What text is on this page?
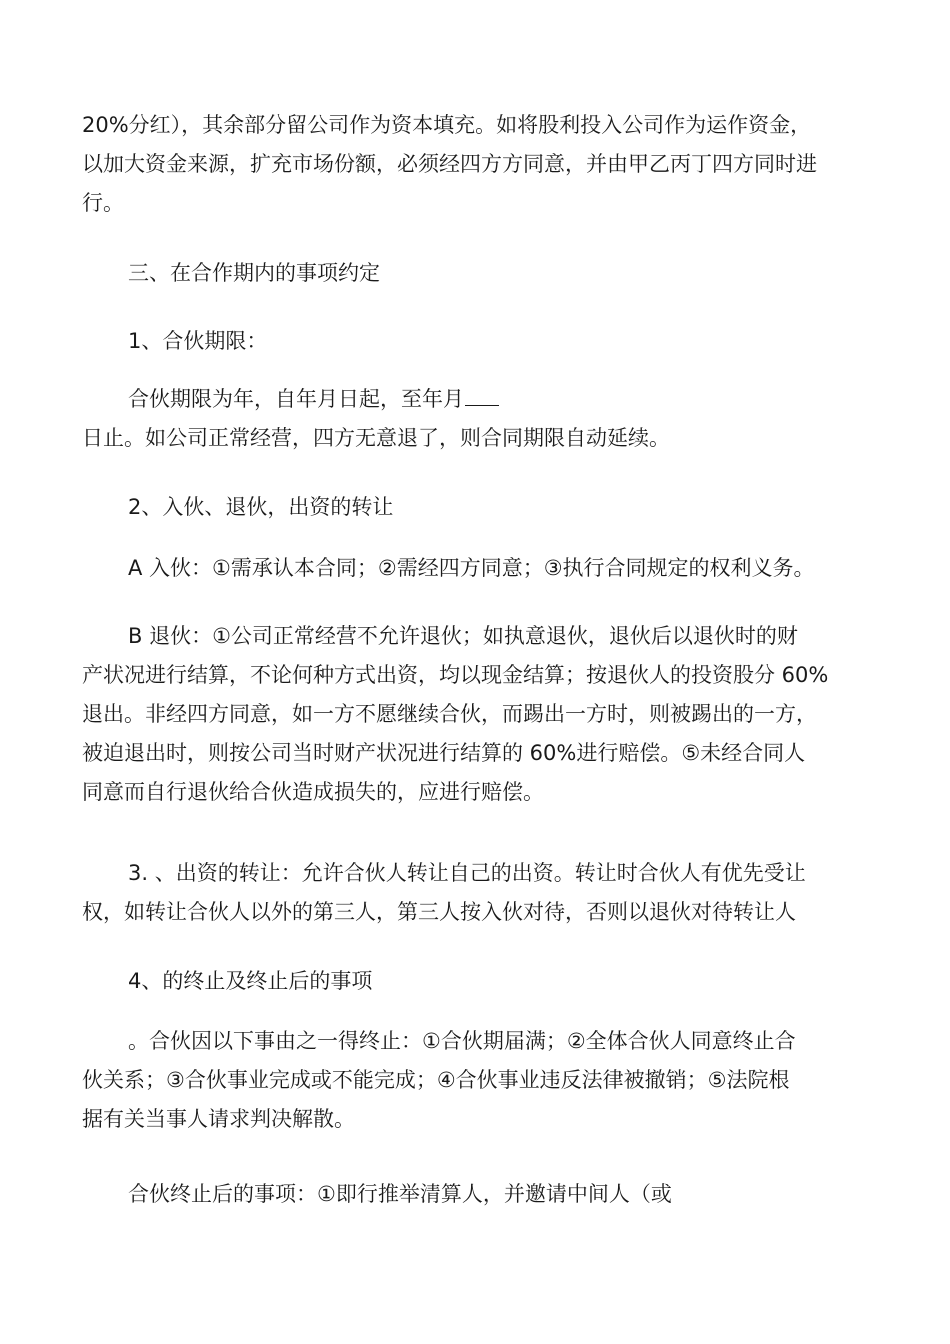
20%分红），其余部分留公司作为资本填充。如将股利投入公司作为运作资金，
以加大资金来源，扩充市场份额，必须经四方方同意，并由甲乙丙丁四方同时进
行。
三、在合作期内的事项约定
1、合伙期限：
合伙期限为年，自年月日起，至年月
日止。如公司正常经营，四方无意退了，则合同期限自动延续。
2、入伙、退伙，出资的转让
A 入伙：①需承认本合同；②需经四方同意；③执行合同规定的权利义务。
B 退伙：①公司正常经营不允许退伙；如执意退伙，退伙后以退伙时的财
产状况进行结算，不论何种方式出资，均以现金结算；按退伙人的投资股分 60%
退出。非经四方同意，如一方不愿继续合伙，而踢出一方时，则被踢出的一方，
被迫退出时，则按公司当时财产状况进行结算的 60%进行赔偿。⑤未经合同人
同意而自行退伙给合伙造成损失的，应进行赔偿。
3. 、出资的转让：允许合伙人转让自己的出资。转让时合伙人有优先受让
权，如转让合伙人以外的第三人，第三人按入伙对待，否则以退伙对待转让人
4、的终止及终止后的事项
。合伙因以下事由之一得终止：①合伙期届满；②全体合伙人同意终止合
伙关系；③合伙事业完成或不能完成；④合伙事业违反法律被撤销；⑤法院根
据有关当事人请求判决解散。
合伙终止后的事项：①即行推举清算人，并邀请中间人（或
